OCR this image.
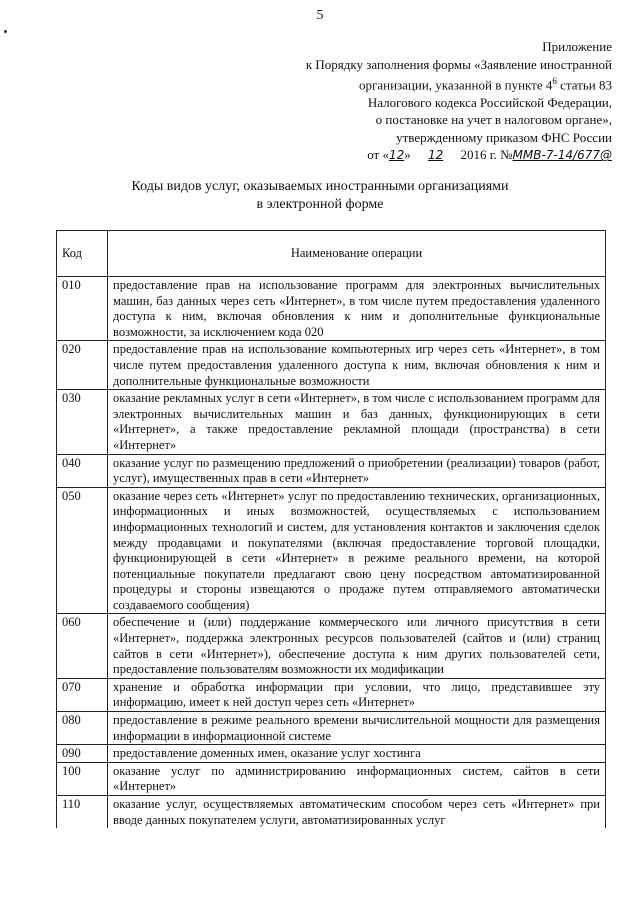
5
Приложение
к Порядку заполнения формы «Заявление иностранной
организации, указанной в пункте $4^6$ статьи 83
Налогового кодекса Российской Федерации,
о постановке на учет в налоговом органе»,
утвержденному приказом ФНС России
от «12» 12 2016 г. №ММВ-7-14/677@
Коды видов услуг, оказываемых иностранными организациями
в электронной форме
Код	Наименование операции
010	предоставление прав на использование программ для электронных вычислительных машин, баз данных через сеть «Интернет», в том числе путем предоставления удаленного доступа к ним, включая обновления к ним и дополнительные функциональные возможности, за исключением кода 020
020	предоставление прав на использование компьютерных игр через сеть «Интернет», в том числе путем предоставления удаленного доступа к ним, включая обновления к ним и дополнительные функциональные возможности
030	оказание рекламных услуг в сети «Интернет», в том числе с использованием программ для электронных вычислительных машин и баз данных, функционирующих в сети «Интернет», а также предоставление рекламной площади (пространства) в сети «Интернет»
040	оказание услуг по размещению предложений о приобретении (реализации) товаров (работ, услуг), имущественных прав в сети «Интернет»
050	оказание через сеть «Интернет» услуг по предоставлению технических, организационных, информационных и иных возможностей, осуществляемых с использованием информационных технологий и систем, для установления контактов и заключения сделок между продавцами и покупателями (включая предоставление торговой площадки, функционирующей в сети «Интернет» в режиме реального времени, на которой потенциальные покупатели предлагают свою цену посредством автоматизированной процедуры и стороны извещаются о продаже путем отправляемого автоматически создаваемого сообщения)
060	обеспечение и (или) поддержание коммерческого или личного присутствия в сети «Интернет», поддержка электронных ресурсов пользователей (сайтов и (или) страниц сайтов в сети «Интернет»), обеспечение доступа к ним других пользователей сети, предоставление пользователям возможности их модификации
070	хранение и обработка информации при условии, что лицо, представившее эту информацию, имеет к ней доступ через сеть «Интернет»
080	предоставление в режиме реального времени вычислительной мощности для размещения информации в информационной системе
090	предоставление доменных имен, оказание услуг хостинга
100	оказание услуг по администрированию информационных систем, сайтов в сети «Интернет»
110	оказание услуг, осуществляемых автоматическим способом через сеть «Интернет» при вводе данных покупателем услуги, автоматизированных услуг
